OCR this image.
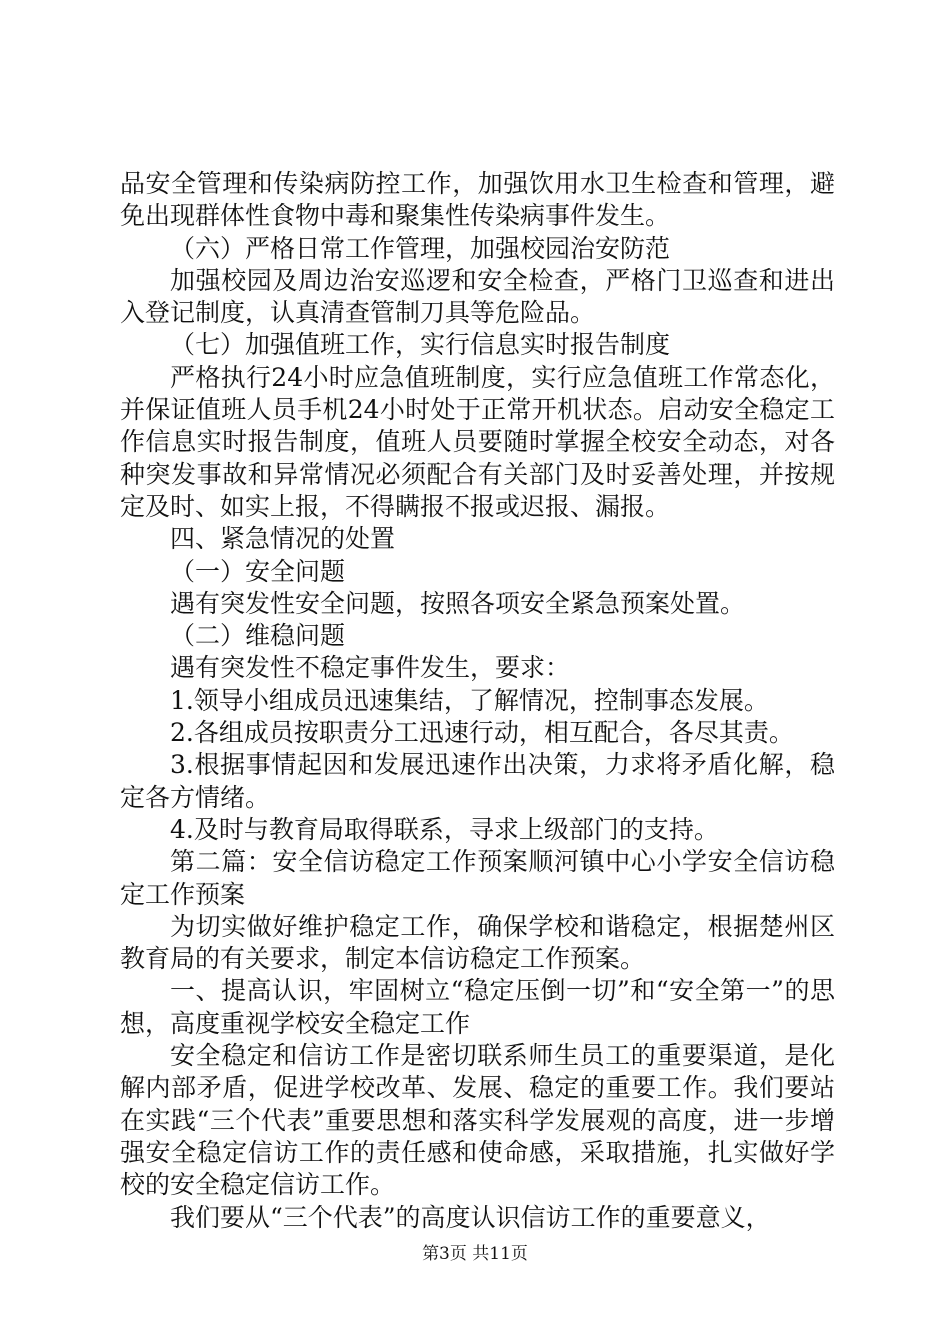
品安全管理和传染病防控工作，加强饮用水卫生检查和管理，避免出现群体性食物中毒和聚集性传染病事件发生。

（六）严格日常工作管理，加强校园治安防范

加强校园及周边治安巡逻和安全检查，严格门卫巡查和进出入登记制度，认真清查管制刀具等危险品。

（七）加强值班工作，实行信息实时报告制度

严格执行24小时应急值班制度，实行应急值班工作常态化，并保证值班人员手机24小时处于正常开机状态。启动安全稳定工作信息实时报告制度，值班人员要随时掌握全校安全动态，对各种突发事故和异常情况必须配合有关部门及时妥善处理，并按规定及时、如实上报，不得瞒报不报或迟报、漏报。

四、紧急情况的处置

（一）安全问题

遇有突发性安全问题，按照各项安全紧急预案处置。

（二）维稳问题

遇有突发性不稳定事件发生，要求：

1.领导小组成员迅速集结，了解情况，控制事态发展。

2.各组成员按职责分工迅速行动，相互配合，各尽其责。

3.根据事情起因和发展迅速作出决策，力求将矛盾化解，稳定各方情绪。

4.及时与教育局取得联系，寻求上级部门的支持。

第二篇：安全信访稳定工作预案顺河镇中心小学安全信访稳定工作预案

为切实做好维护稳定工作，确保学校和谐稳定，根据楚州区教育局的有关要求，制定本信访稳定工作预案。

一、提高认识，牢固树立“稳定压倒一切”和“安全第一”的思想，高度重视学校安全稳定工作

安全稳定和信访工作是密切联系师生员工的重要渠道，是化解内部矛盾，促进学校改革、发展、稳定的重要工作。我们要站在实践“三个代表”重要思想和落实科学发展观的高度，进一步增强安全稳定信访工作的责任感和使命感，采取措施，扎实做好学校的安全稳定信访工作。

我们要从“三个代表”的高度认识信访工作的重要意义，

第3页 共11页
